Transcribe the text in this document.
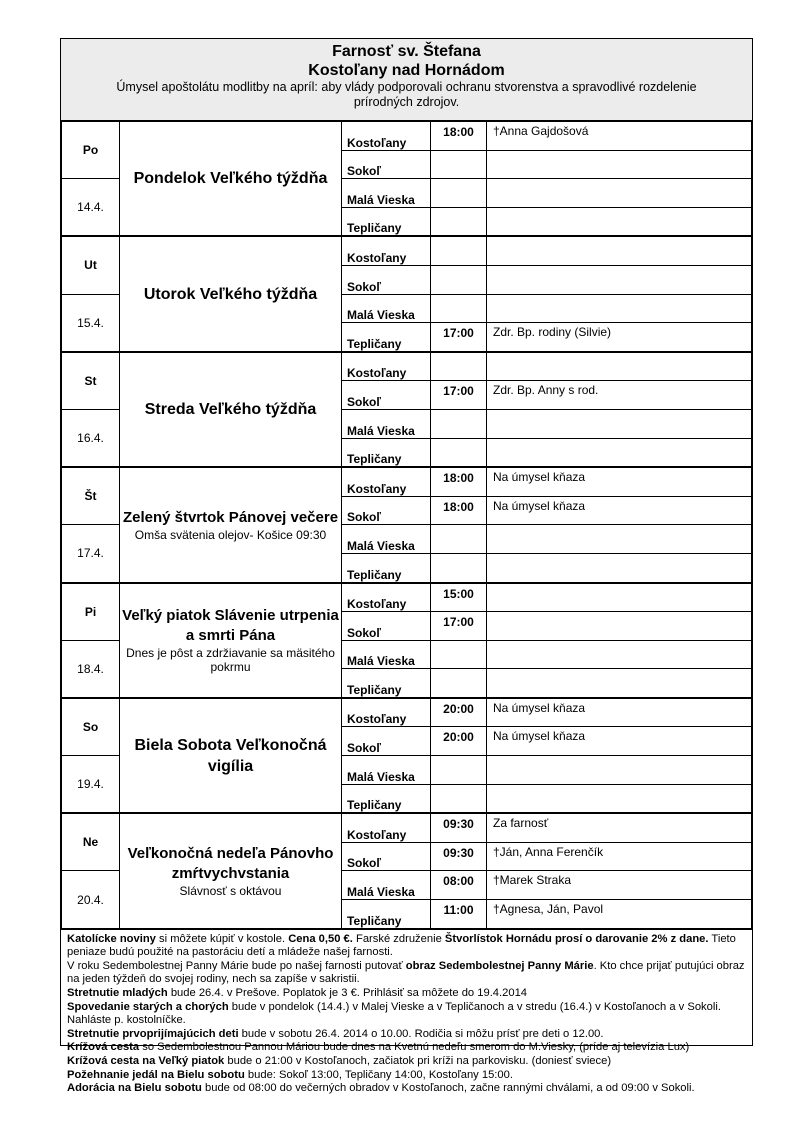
Farnosť sv. Štefana
Kostoľany nad Hornádom
Úmysel apoštolátu modlitby na apríl: aby vlády podporovali ochranu stvorenstva a spravodlivé rozdelenie prírodných zdrojov.
Po	Pondelok Veľkého týždňa	Kostoľany	18:00	†Anna Gajdošová
		Sokoľ		
14.4.		Malá Vieska		
		Tepličany		
Ut	Utorok Veľkého týždňa	Kostoľany		
		Sokoľ		
15.4.		Malá Vieska		
		Tepličany	17:00	Zdr. Bp. rodiny (Silvie)
St	Streda Veľkého týždňa	Kostoľany		
		Sokoľ	17:00	Zdr. Bp. Anny s rod.
16.4.		Malá Vieska		
		Tepličany		
Št	Zelený štvrtok Pánovej večere
Omša svätenia olejov- Košice 09:30	Kostoľany	18:00	Na úmysel kňaza
		Sokoľ	18:00	Na úmysel kňaza
17.4.		Malá Vieska		
		Tepličany		
Pi	Veľký piatok Slávenie utrpenia a smrti Pána
Dnes je pôst a zdržiavanie sa mäsitého pokrmu	Kostoľany	15:00	
		Sokoľ	17:00	
18.4.		Malá Vieska		
		Tepličany		
So	Biela Sobota Veľkonočná vigília	Kostoľany	20:00	Na úmysel kňaza
		Sokoľ	20:00	Na úmysel kňaza
19.4.		Malá Vieska		
		Tepličany		
Ne	Veľkonočná nedeľa Pánovho zmŕtvychvstania
Slávnosť s oktávou	Kostoľany	09:30	Za farnosť
		Sokoľ	09:30	†Ján, Anna Ferenčík
20.4.		Malá Vieska	08:00	†Marek Straka
		Tepličany	11:00	†Agnesa, Ján, Pavol

Katolícke noviny si môžete kúpiť v kostole. Cena 0,50 €. Farské združenie Štvorlístok Hornádu prosí o darovanie 2% z dane. Tieto peniaze budú použité na pastoráciu detí a mládeže našej farnosti.

V roku Sedembolestnej Panny Márie bude po našej farnosti putovať obraz Sedembolestnej Panny Márie. Kto chce prijať putujúci obraz na jeden týždeň do svojej rodiny, nech sa zapíše v sakristii.

Stretnutie mladých bude 26.4. v Prešove. Poplatok je 3 €. Prihlásiť sa môžete do 19.4.2014

Spovedanie starých a chorých bude v pondelok (14.4.) v Malej Vieske a v Tepličanoch a v stredu (16.4.) v Kostoľanoch a v Sokoli. Nahláste p. kostolníčke.

Stretnutie prvoprijímajúcich deti bude v sobotu 26.4. 2014 o 10.00. Rodičia si môžu prísť pre deti o 12.00.

Krížová cesta so Sedembolestnou Pannou Máriou bude dnes na Kvetnú nedeľu smerom do M.Viesky, (príde aj televízia Lux)

Krížová cesta na Veľký piatok bude o 21:00 v Kostoľanoch, začiatok pri kríži na parkovisku. (doniesť sviece)

Požehnanie jedál na Bielu sobotu bude: Sokoľ 13:00, Tepličany 14:00, Kostoľany 15:00.

Adorácia na Bielu sobotu bude od 08:00 do večerných obradov v Kostoľanoch, začne rannými chválami, a od 09:00 v Sokoli.
